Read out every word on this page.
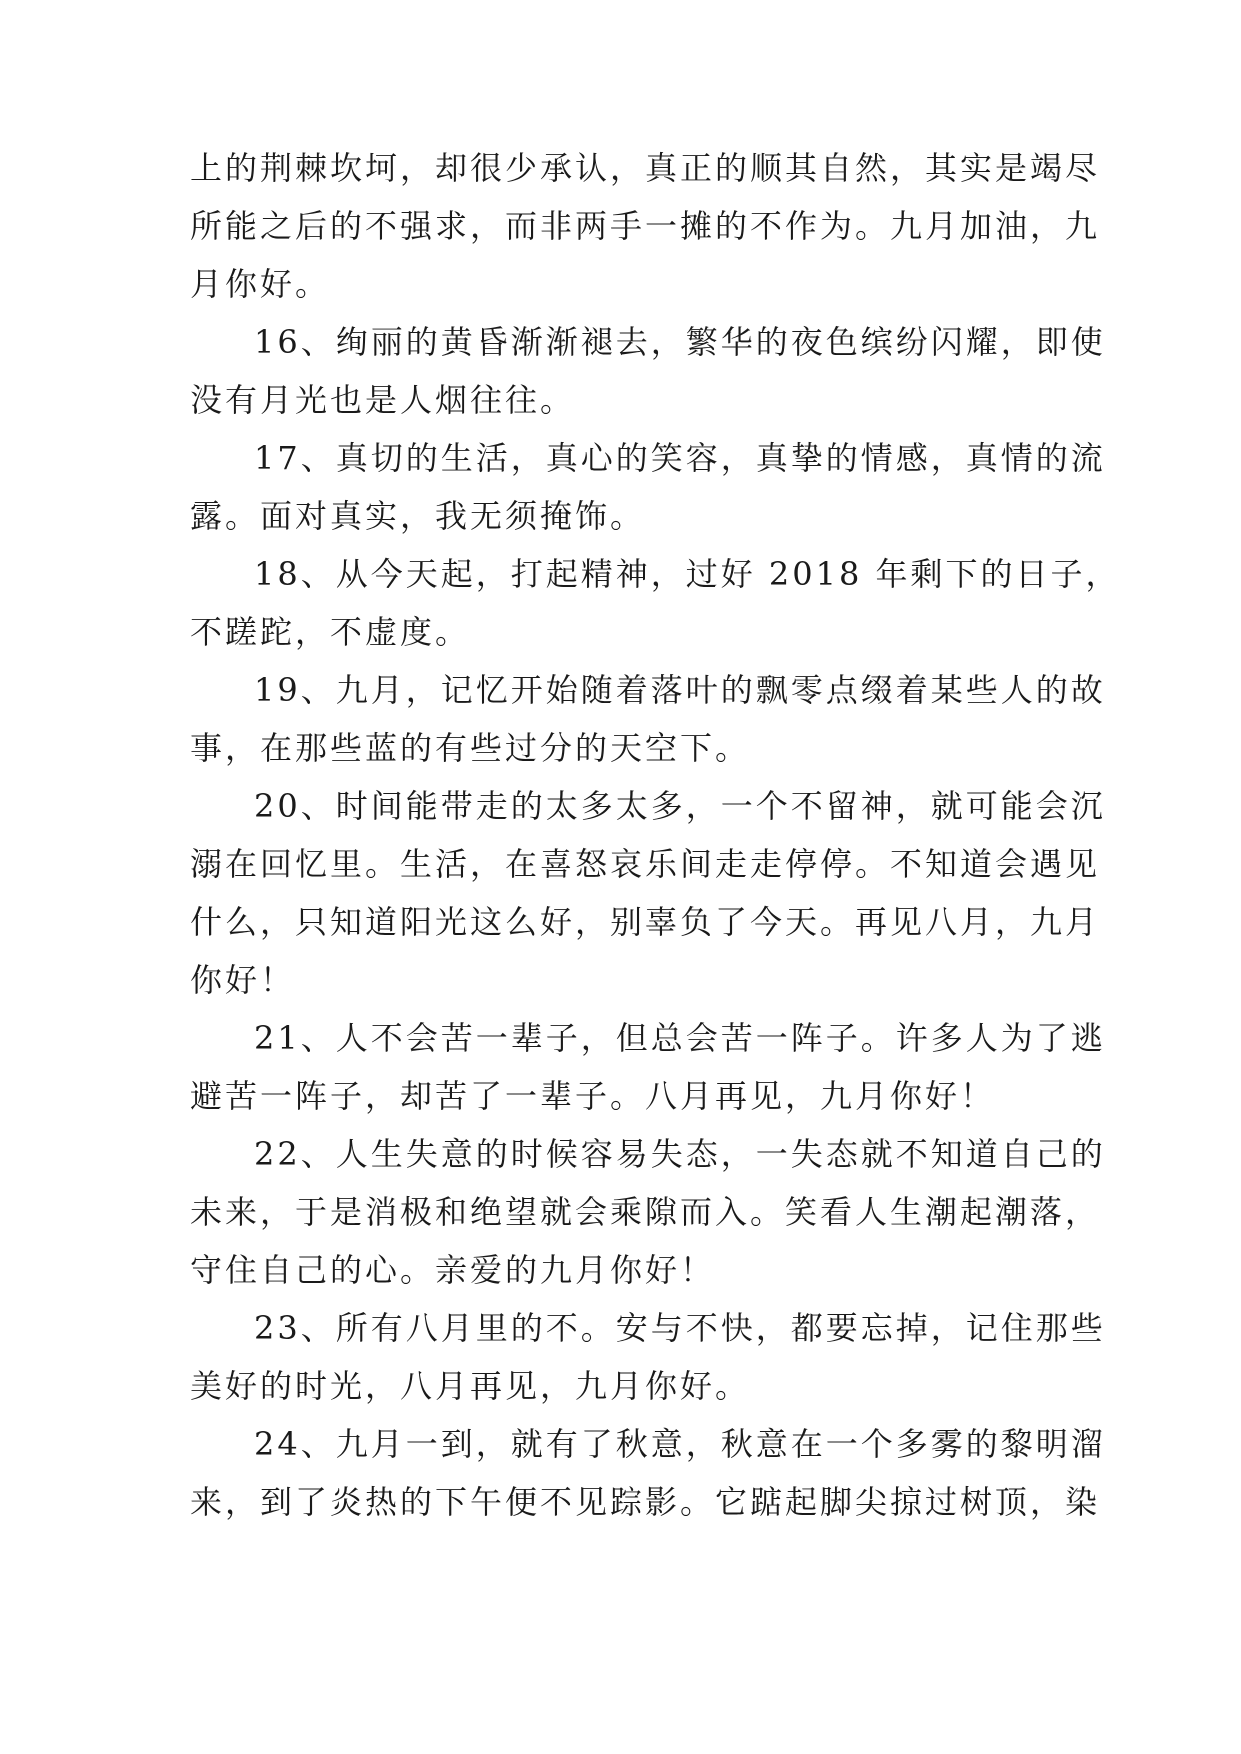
上的荆棘坎坷，却很少承认，真正的顺其自然，其实是竭尽
所能之后的不强求，而非两手一摊的不作为。九月加油，九
月你好。
16、绚丽的黄昏渐渐褪去，繁华的夜色缤纷闪耀，即使
没有月光也是人烟往往。
17、真切的生活，真心的笑容，真挚的情感，真情的流
露。面对真实，我无须掩饰。
18、从今天起，打起精神，过好 2018 年剩下的日子，
不蹉跎，不虚度。
19、九月，记忆开始随着落叶的飘零点缀着某些人的故
事，在那些蓝的有些过分的天空下。
20、时间能带走的太多太多，一个不留神，就可能会沉
溺在回忆里。生活，在喜怒哀乐间走走停停。不知道会遇见
什么，只知道阳光这么好，别辜负了今天。再见八月，九月
你好！
21、人不会苦一辈子，但总会苦一阵子。许多人为了逃
避苦一阵子，却苦了一辈子。八月再见，九月你好！
22、人生失意的时候容易失态，一失态就不知道自己的
未来，于是消极和绝望就会乘隙而入。笑看人生潮起潮落，
守住自己的心。亲爱的九月你好！
23、所有八月里的不。安与不快，都要忘掉，记住那些
美好的时光，八月再见，九月你好。
24、九月一到，就有了秋意，秋意在一个多雾的黎明溜
来，到了炎热的下午便不见踪影。它踮起脚尖掠过树顶，染
